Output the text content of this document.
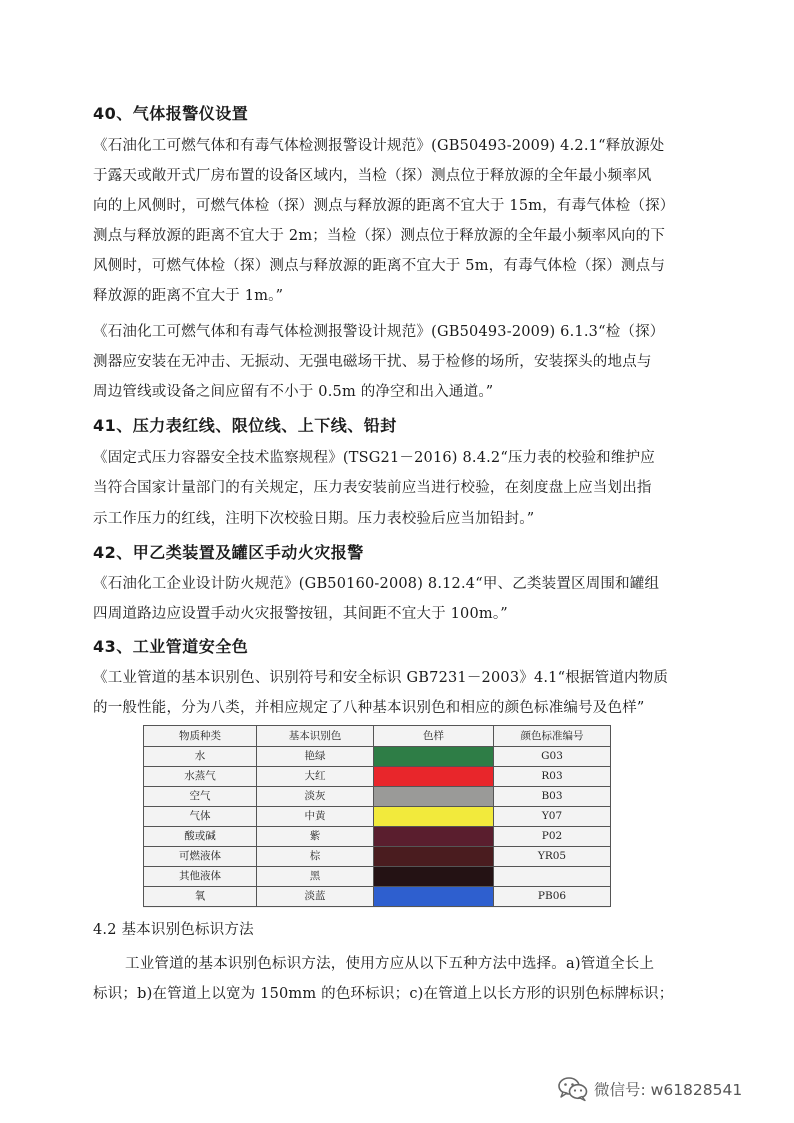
40、气体报警仪设置
《石油化工可燃气体和有毒气体检测报警设计规范》(GB50493-2009) 4.2.1“释放源处
于露天或敞开式厂房布置的设备区域内，当检（探）测点位于释放源的全年最小频率风
向的上风侧时，可燃气体检（探）测点与释放源的距离不宜大于 15m，有毒气体检（探）
测点与释放源的距离不宜大于 2m；当检（探）测点位于释放源的全年最小频率风向的下
风侧时，可燃气体检（探）测点与释放源的距离不宜大于 5m，有毒气体检（探）测点与
释放源的距离不宜大于 1m。”
《石油化工可燃气体和有毒气体检测报警设计规范》(GB50493-2009) 6.1.3“检（探）
测器应安装在无冲击、无振动、无强电磁场干扰、易于检修的场所，安装探头的地点与
周边管线或设备之间应留有不小于 0.5m 的净空和出入通道。”
41、压力表红线、限位线、上下线、铅封
《固定式压力容器安全技术监察规程》(TSG21－2016) 8.4.2“压力表的校验和维护应
当符合国家计量部门的有关规定，压力表安装前应当进行校验，在刻度盘上应当划出指
示工作压力的红线，注明下次校验日期。压力表校验后应当加铅封。”
42、甲乙类装置及罐区手动火灾报警
《石油化工企业设计防火规范》(GB50160-2008) 8.12.4“甲、乙类装置区周围和罐组
四周道路边应设置手动火灾报警按钮，其间距不宜大于 100m。”
43、工业管道安全色
《工业管道的基本识别色、识别符号和安全标识 GB7231－2003》4.1“根据管道内物质
的一般性能，分为八类，并相应规定了八种基本识别色和相应的颜色标准编号及色样”
物质种类	基本识别色	色样	颜色标准编号
水	艳绿		G03
水蒸气	大红		R03
空气	淡灰		B03
气体	中黄		Y07
酸或碱	紫		P02
可燃液体	棕		YR05
其他液体	黑	

氧	淡蓝		PB06
4.2 基本识别色标识方法
工业管道的基本识别色标识方法，使用方应从以下五种方法中选择。a)管道全长上
标识；b)在管道上以宽为 150mm 的色环标识；c)在管道上以长方形的识别色标牌标识；
微信号: w61828541
